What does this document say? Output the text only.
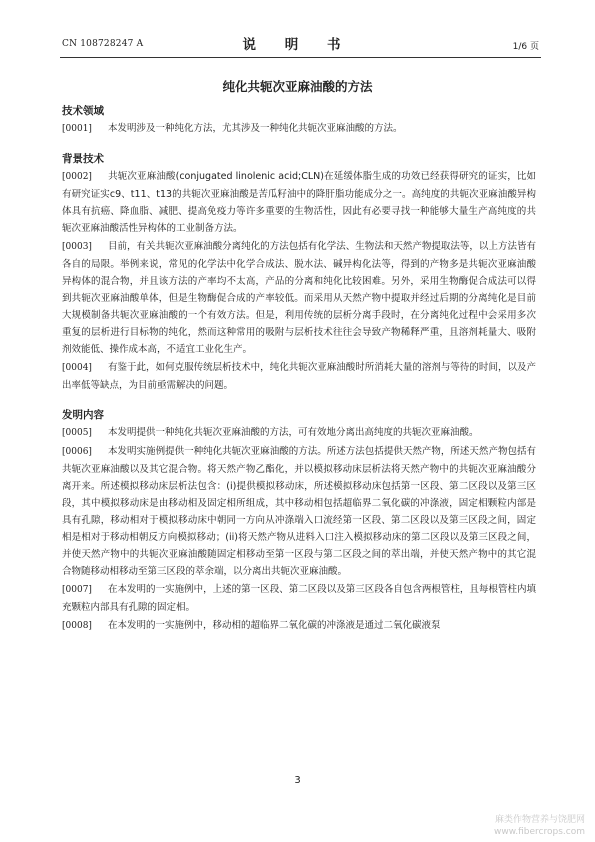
CN 108728247 A	说 明 书	1/6 页
纯化共轭次亚麻油酸的方法
技术领域

[0001] 本发明涉及一种纯化方法，尤其涉及一种纯化共轭次亚麻油酸的方法。

背景技术

[0002] 共轭次亚麻油酸(conjugated linolenic acid;CLN)在延缓体脂生成的功效已经获得研究的证实，比如有研究证实c9、t11、t13的共轭次亚麻油酸是苦瓜籽油中的降肝脂功能成分之一。高纯度的共轭次亚麻油酸异构体具有抗癌、降血脂、减肥、提高免疫力等许多重要的生物活性，因此有必要寻找一种能够大量生产高纯度的共轭次亚麻油酸活性异构体的工业制备方法。

[0003] 目前，有关共轭次亚麻油酸分离纯化的方法包括有化学法、生物法和天然产物提取法等，以上方法皆有各自的局限。举例来说，常见的化学法中化学合成法、脱水法、碱异构化法等，得到的产物多是共轭次亚麻油酸异构体的混合物，并且该方法的产率均不太高，产品的分离和纯化比较困难。另外，采用生物酶促合成法可以得到共轭次亚麻油酸单体，但是生物酶促合成的产率较低。而采用从天然产物中提取并经过后期的分离纯化是目前大规模制备共轭次亚麻油酸的一个有效方法。但是，利用传统的层析分离手段时，在分离纯化过程中会采用多次重复的层析进行目标物的纯化，然而这种常用的吸附与层析技术往往会导致产物稀释严重，且溶剂耗量大、吸附剂效能低、操作成本高，不适宜工业化生产。

[0004] 有鉴于此，如何克服传统层析技术中，纯化共轭次亚麻油酸时所消耗大量的溶剂与等待的时间，以及产出率低等缺点，为目前亟需解决的问题。

发明内容

[0005] 本发明提供一种纯化共轭次亚麻油酸的方法，可有效地分离出高纯度的共轭次亚麻油酸。

[0006] 本发明实施例提供一种纯化共轭次亚麻油酸的方法。所述方法包括提供天然产物，所述天然产物包括有共轭次亚麻油酸以及其它混合物。将天然产物乙酯化，并以模拟移动床层析法将天然产物中的共轭次亚麻油酸分离开来。所述模拟移动床层析法包含：(i)提供模拟移动床，所述模拟移动床包括第一区段、第二区段以及第三区段，其中模拟移动床是由移动相及固定相所组成，其中移动相包括超临界二氧化碳的冲涤液，固定相颗粒内部是具有孔隙，移动相对于模拟移动床中朝同一方向从冲涤端入口流经第一区段、第二区段以及第三区段之间，固定相是相对于移动相朝反方向模拟移动；(ii)将天然产物从进料入口注入模拟移动床的第二区段以及第三区段之间，并使天然产物中的共轭次亚麻油酸随固定相移动至第一区段与第二区段之间的萃出端，并使天然产物中的其它混合物随移动相移动至第三区段的萃余端，以分离出共轭次亚麻油酸。

[0007] 在本发明的一实施例中，上述的第一区段、第二区段以及第三区段各自包含两根管柱，且每根管柱内填充颗粒内部具有孔隙的固定相。

[0008] 在本发明的一实施例中，移动相的超临界二氧化碳的冲涤液是通过二氧化碳液泵

3
麻类作物营养与饶肥网
www.fibercrops.com
